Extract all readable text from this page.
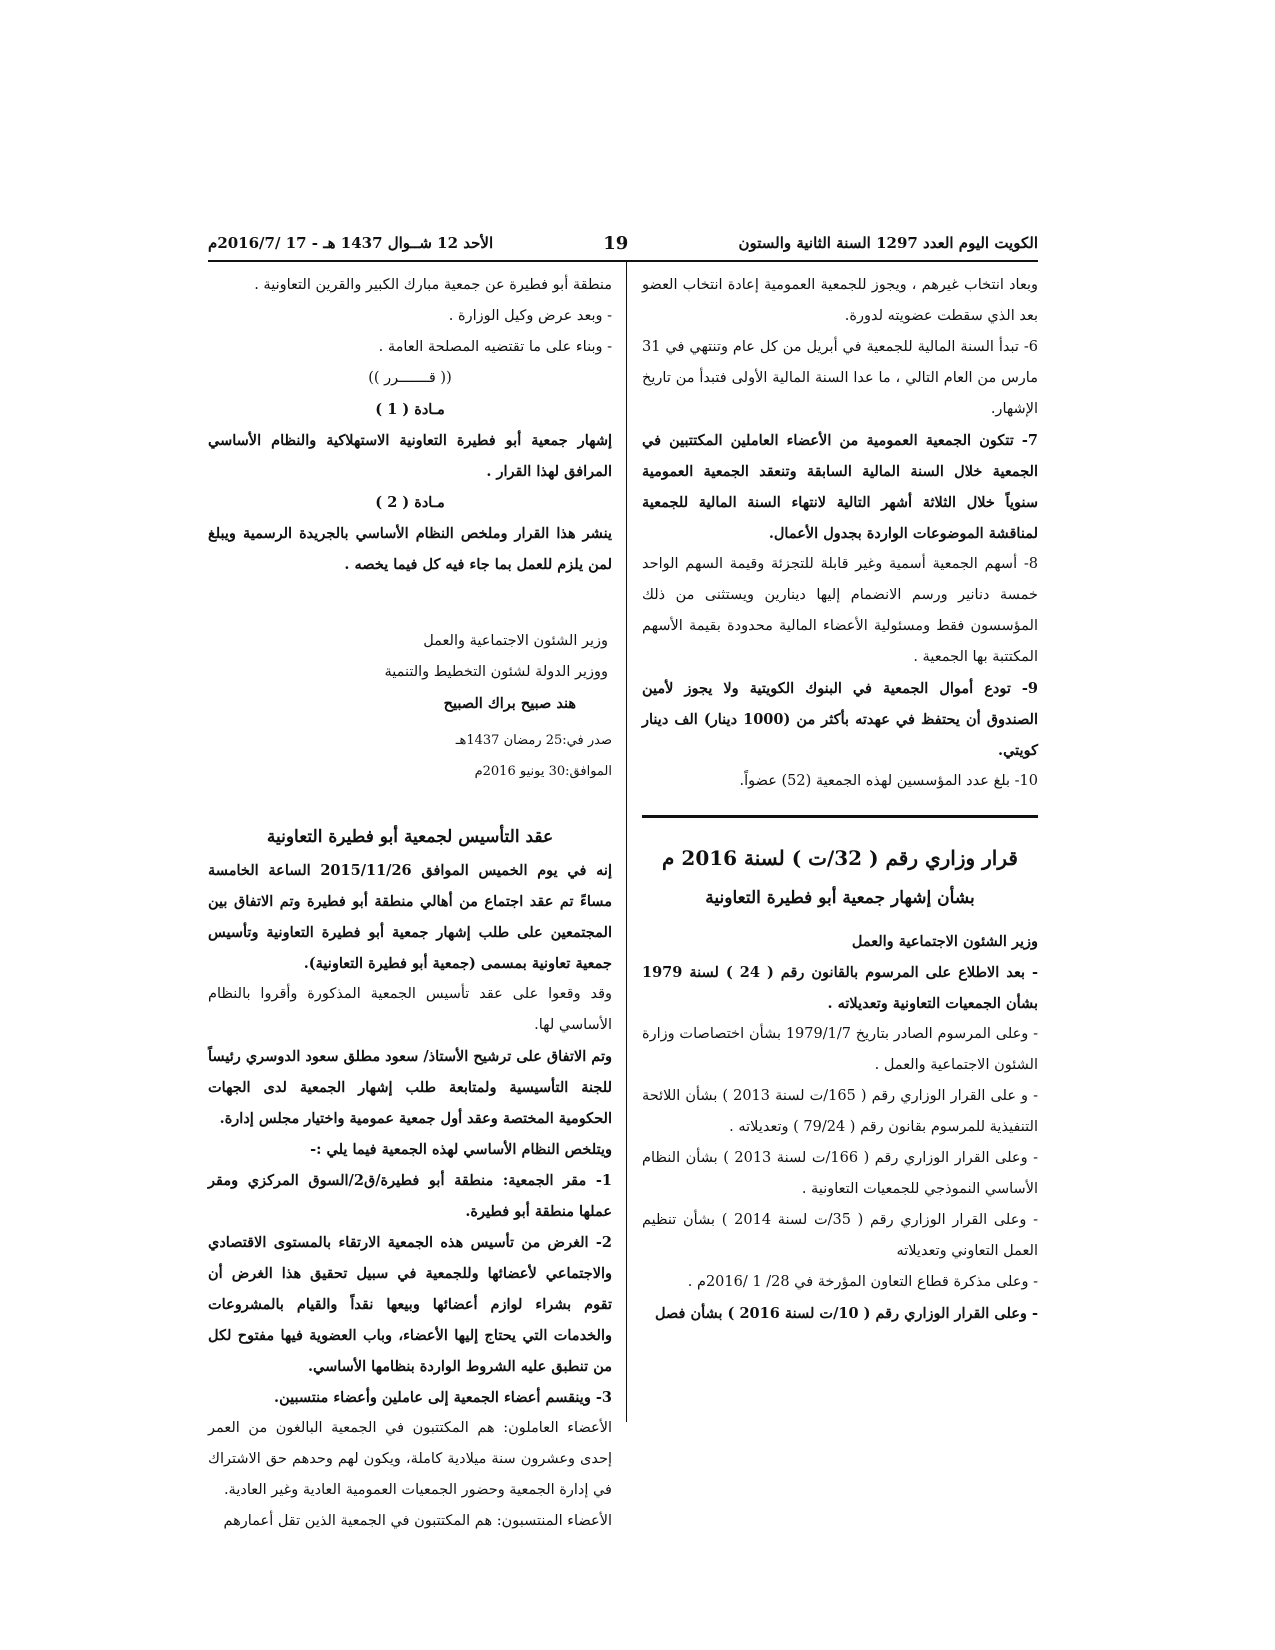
الكويت اليوم العدد 1297 السنة الثانية والستون
19
الأحد 12 شــوال 1437 هـ - 17 /2016/7م

وبعاد انتخاب غيرهم ، ويجوز للجمعية العمومية إعادة انتخاب العضو بعد الذي سقطت عضويته لدورة.

6- تبدأ السنة المالية للجمعية في أبريل من كل عام وتنتهي في 31 مارس من العام التالي ، ما عدا السنة المالية الأولى فتبدأ من تاريخ الإشهار.

7- تتكون الجمعية العمومية من الأعضاء العاملين المكتتبين في الجمعية خلال السنة المالية السابقة وتنعقد الجمعية العمومية سنوياً خلال الثلاثة أشهر التالية لانتهاء السنة المالية للجمعية لمناقشة الموضوعات الواردة بجدول الأعمال.

8- أسهم الجمعية أسمية وغير قابلة للتجزئة وقيمة السهم الواحد خمسة دنانير ورسم الانضمام إليها دينارين ويستثنى من ذلك المؤسسون فقط ومسئولية الأعضاء المالية محدودة بقيمة الأسهم المكتتبة بها الجمعية .

9- تودع أموال الجمعية في البنوك الكويتية ولا يجوز لأمين الصندوق أن يحتفظ في عهدته بأكثر من (1000 دينار) الف دينار كويتي.

10- بلغ عدد المؤسسين لهذه الجمعية (52) عضواً.

قرار وزاري رقم ( 32/ت ) لسنة 2016 م
بشأن إشهار جمعية أبو فطيرة التعاونية

وزير الشئون الاجتماعية والعمل

- بعد الاطلاع على المرسوم بالقانون رقم ( 24 ) لسنة 1979 بشأن الجمعيات التعاونية وتعديلاته .

- وعلى المرسوم الصادر بتاريخ 1979/1/7 بشأن اختصاصات وزارة الشئون الاجتماعية والعمل .

- و على القرار الوزاري رقم ( 165/ت لسنة 2013 ) بشأن اللائحة التنفيذية للمرسوم بقانون رقم ( 79/24 ) وتعديلاته .

- وعلى القرار الوزاري رقم ( 166/ت لسنة 2013 ) بشأن النظام الأساسي النموذجي للجمعيات التعاونية .

- وعلى القرار الوزاري رقم ( 35/ت لسنة 2014 ) بشأن تنظيم العمل التعاوني وتعديلاته

- وعلى مذكرة قطاع التعاون المؤرخة في 28/ 1 /2016م .

- وعلى القرار الوزاري رقم ( 10/ت لسنة 2016 ) بشأن فصل

منطقة أبو فطيرة عن جمعية مبارك الكبير والقرين التعاونية .

- وبعد عرض وكيل الوزارة .

- وبناء على ما تقتضيه المصلحة العامة .

(( قـــــــرر ))

مـادة ( 1 )

إشهار جمعية أبو فطيرة التعاونية الاستهلاكية والنظام الأساسي المرافق لهذا القرار .

مـادة ( 2 )

ينشر هذا القرار وملخص النظام الأساسي بالجريدة الرسمية ويبلغ لمن يلزم للعمل بما جاء فيه كل فيما يخصه .

وزير الشئون الاجتماعية والعمل

ووزير الدولة لشئون التخطيط والتنمية

هند صبيح براك الصبيح

صدر في:25 رمضان 1437هـ

الموافق:30 يونيو 2016م

عقد التأسيس لجمعية أبو فطيرة التعاونية

إنه في يوم الخميس الموافق 2015/11/26 الساعة الخامسة مساءً تم عقد اجتماع من أهالي منطقة أبو فطيرة وتم الاتفاق بين المجتمعين على طلب إشهار جمعية أبو فطيرة التعاونية وتأسيس جمعية تعاونية بمسمى (جمعية أبو فطيرة التعاونية).

وقد وقعوا على عقد تأسيس الجمعية المذكورة وأقروا بالنظام الأساسي لها.

وتم الاتفاق على ترشيح الأستاذ/ سعود مطلق سعود الدوسري رئيساً للجنة التأسيسية ولمتابعة طلب إشهار الجمعية لدى الجهات الحكومية المختصة وعقد أول جمعية عمومية واختيار مجلس إدارة.

ويتلخص النظام الأساسي لهذه الجمعية فيما يلي :-

1- مقر الجمعية: منطقة أبو فطيرة/ق2/السوق المركزي ومقر عملها منطقة أبو فطيرة.

2- الغرض من تأسيس هذه الجمعية الارتقاء بالمستوى الاقتصادي والاجتماعي لأعضائها وللجمعية في سبيل تحقيق هذا الغرض أن تقوم بشراء لوازم أعضائها وبيعها نقداً والقيام بالمشروعات والخدمات التي يحتاج إليها الأعضاء، وباب العضوية فيها مفتوح لكل من تنطبق عليه الشروط الواردة بنظامها الأساسي.

3- وينقسم أعضاء الجمعية إلى عاملين وأعضاء منتسبين.

الأعضاء العاملون: هم المكتتبون في الجمعية البالغون من العمر إحدى وعشرون سنة ميلادية كاملة، ويكون لهم وحدهم حق الاشتراك في إدارة الجمعية وحضور الجمعيات العمومية العادية وغير العادية.

الأعضاء المنتسبون: هم المكتتبون في الجمعية الذين تقل أعمارهم
